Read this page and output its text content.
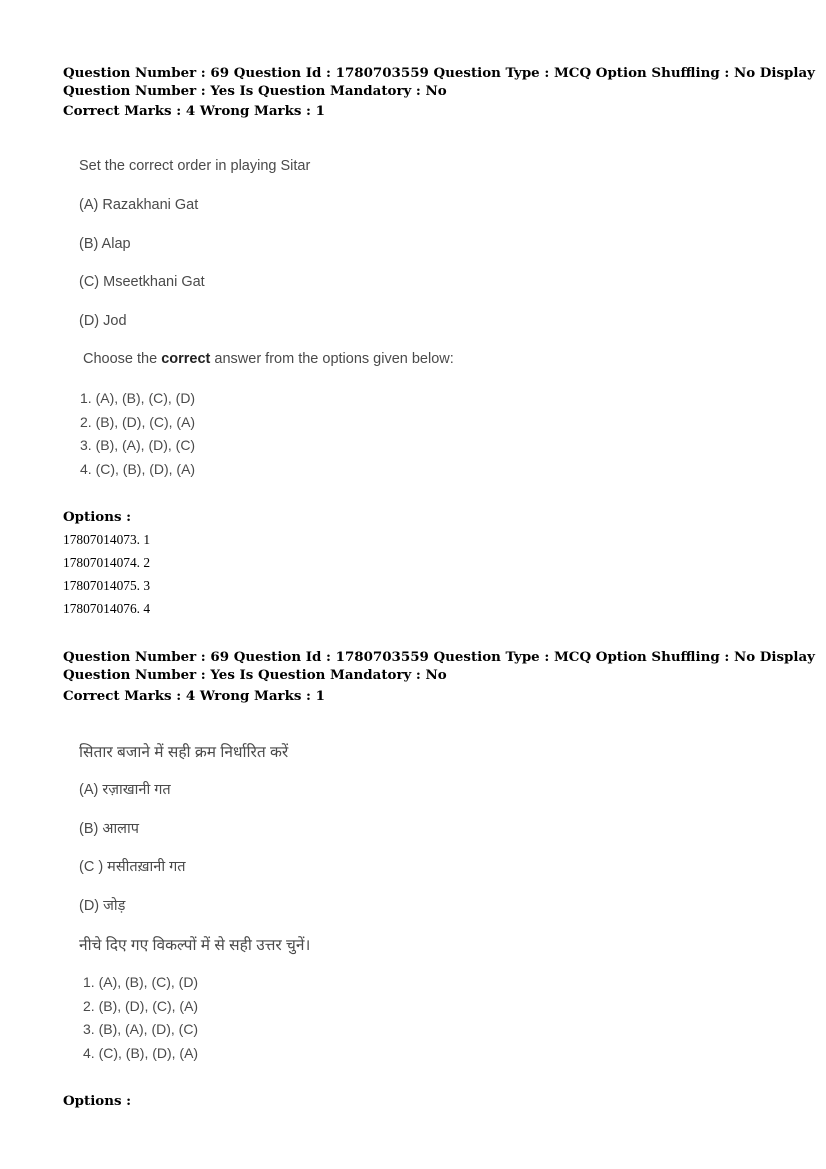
Question Number : 69 Question Id : 1780703559 Question Type : MCQ Option Shuffling : No Display
Question Number : Yes Is Question Mandatory : No
Correct Marks : 4 Wrong Marks : 1
Set the correct order in playing Sitar
(A) Razakhani Gat
(B) Alap
(C) Mseetkhani Gat
(D) Jod
Choose the correct answer from the options given below:
1. (A), (B), (C), (D)
2. (B), (D), (C), (A)
3. (B), (A), (D), (C)
4. (C), (B), (D), (A)
Options :
17807014073. 1
17807014074. 2
17807014075. 3
17807014076. 4
Question Number : 69 Question Id : 1780703559 Question Type : MCQ Option Shuffling : No Display
Question Number : Yes Is Question Mandatory : No
Correct Marks : 4 Wrong Marks : 1
सितार बजाने में सही क्रम निर्धारित करें
(A) रज़ाखानी गत
(B) आलाप
(C ) मसीतख़ानी गत
(D) जोड़
नीचे दिए गए विकल्पों में से सही उत्तर चुनें।
1. (A), (B), (C), (D)
2. (B), (D), (C), (A)
3. (B), (A), (D), (C)
4. (C), (B), (D), (A)
Options :
